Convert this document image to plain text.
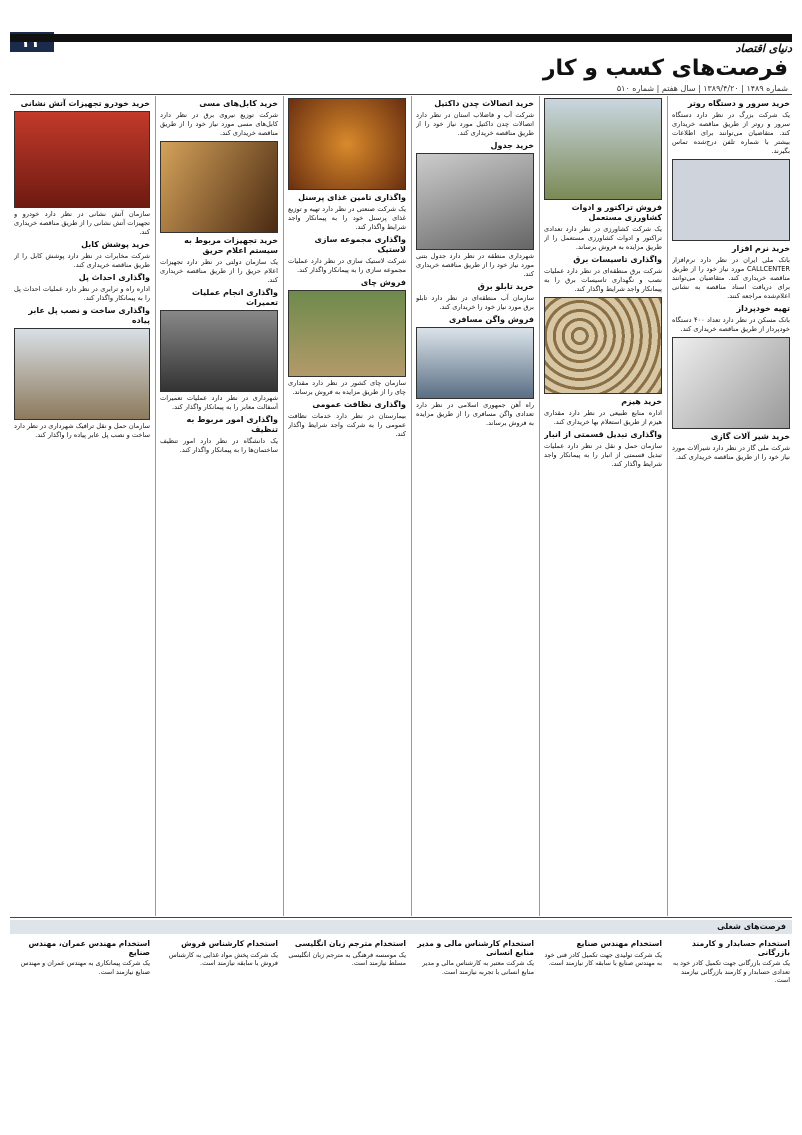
دنیای اقتصاد
فرصت‌های کسب و کار
شماره ۱۴۸۹ | ۱۳۸۹/۴/۲۰ | سال هفتم | شماره ۵۱۰
خرید سرور و دستگاه روتر

یک شرکت بزرگ در نظر دارد دستگاه سرور و روتر از طریق مناقصه خریداری کند. متقاضیان می‌توانند برای اطلاعات بیشتر با شماره تلفن درج‌شده تماس بگیرند.

خرید نرم افزار

بانک ملی ایران در نظر دارد نرم‌افزار CALLCENTER مورد نیاز خود را از طریق مناقصه خریداری کند. متقاضیان می‌توانند برای دریافت اسناد مناقصه به نشانی اعلام‌شده مراجعه کنند.

تهیه خودپرداز

بانک مسکن در نظر دارد تعداد ۴۰۰ دستگاه خودپرداز از طریق مناقصه خریداری کند.

خرید شیر آلات گازی

شرکت ملی گاز در نظر دارد شیرآلات مورد نیاز خود را از طریق مناقصه خریداری کند.

فروش تراکتور و ادوات کشاورزی مستعمل

یک شرکت کشاورزی در نظر دارد تعدادی تراکتور و ادوات کشاورزی مستعمل را از طریق مزایده به فروش برساند.

واگذاری تاسیسات برق

شرکت برق منطقه‌ای در نظر دارد عملیات نصب و نگهداری تاسیسات برق را به پیمانکار واجد شرایط واگذار کند.

خرید هیزم

اداره منابع طبیعی در نظر دارد مقداری هیزم از طریق استعلام بها خریداری کند.

واگذاری تبدیل قسمتی از انبار

سازمان حمل و نقل در نظر دارد عملیات تبدیل قسمتی از انبار را به پیمانکار واجد شرایط واگذار کند.

خرید اتصالات چدن داکتیل

شرکت آب و فاضلاب استان در نظر دارد اتصالات چدن داکتیل مورد نیاز خود را از طریق مناقصه خریداری کند.

خرید جدول

شهرداری منطقه در نظر دارد جدول بتنی مورد نیاز خود را از طریق مناقصه خریداری کند.

خرید تابلو برق

سازمان آب منطقه‌ای در نظر دارد تابلو برق مورد نیاز خود را خریداری کند.

فروش واگن مسافری

راه آهن جمهوری اسلامی در نظر دارد تعدادی واگن مسافری را از طریق مزایده به فروش برساند.

واگذاری تامین غذای پرسنل

یک شرکت صنعتی در نظر دارد تهیه و توزیع غذای پرسنل خود را به پیمانکار واجد شرایط واگذار کند.

واگذاری مجموعه سازی لاستیک

شرکت لاستیک سازی در نظر دارد عملیات مجموعه سازی را به پیمانکار واگذار کند.

فروش چای

سازمان چای کشور در نظر دارد مقداری چای را از طریق مزایده به فروش برساند.

واگذاری نظافت عمومی

بیمارستان در نظر دارد خدمات نظافت عمومی را به شرکت واجد شرایط واگذار کند.

خرید کابل‌های مسی

شرکت توزیع نیروی برق در نظر دارد کابل‌های مسی مورد نیاز خود را از طریق مناقصه خریداری کند.

خرید تجهیزات مربوط به سیستم اعلام حریق

یک سازمان دولتی در نظر دارد تجهیزات اعلام حریق را از طریق مناقصه خریداری کند.

واگذاری انجام عملیات تعمیرات

شهرداری در نظر دارد عملیات تعمیرات آسفالت معابر را به پیمانکار واگذار کند.

واگذاری امور مربوط به تنظیف

یک دانشگاه در نظر دارد امور تنظیف ساختمان‌ها را به پیمانکار واگذار کند.

خرید خودرو تجهیزات آتش نشانی

سازمان آتش نشانی در نظر دارد خودرو و تجهیزات آتش نشانی را از طریق مناقصه خریداری کند.

خرید پوشش کابل

شرکت مخابرات در نظر دارد پوشش کابل را از طریق مناقصه خریداری کند.

واگذاری احداث پل

اداره راه و ترابری در نظر دارد عملیات احداث پل را به پیمانکار واگذار کند.

واگذاری ساخت و نصب پل عابر پیاده

سازمان حمل و نقل ترافیک شهرداری در نظر دارد ساخت و نصب پل عابر پیاده را واگذار کند.

فرصت‌های شغلی
استخدام حسابدار و کارمند بازرگانی

یک شرکت بازرگانی جهت تکمیل کادر خود به تعدادی حسابدار و کارمند بازرگانی نیازمند است.

استخدام مهندس صنایع

یک شرکت تولیدی جهت تکمیل کادر فنی خود به مهندس صنایع با سابقه کار نیازمند است.

استخدام کارشناس مالی و مدیر منابع انسانی

یک شرکت معتبر به کارشناس مالی و مدیر منابع انسانی با تجربه نیازمند است.

استخدام مترجم زبان انگلیسی

یک موسسه فرهنگی به مترجم زبان انگلیسی مسلط نیازمند است.

استخدام کارشناس فروش

یک شرکت پخش مواد غذایی به کارشناس فروش با سابقه نیازمند است.

استخدام مهندس عمران، مهندس صنایع

یک شرکت پیمانکاری به مهندس عمران و مهندس صنایع نیازمند است.
